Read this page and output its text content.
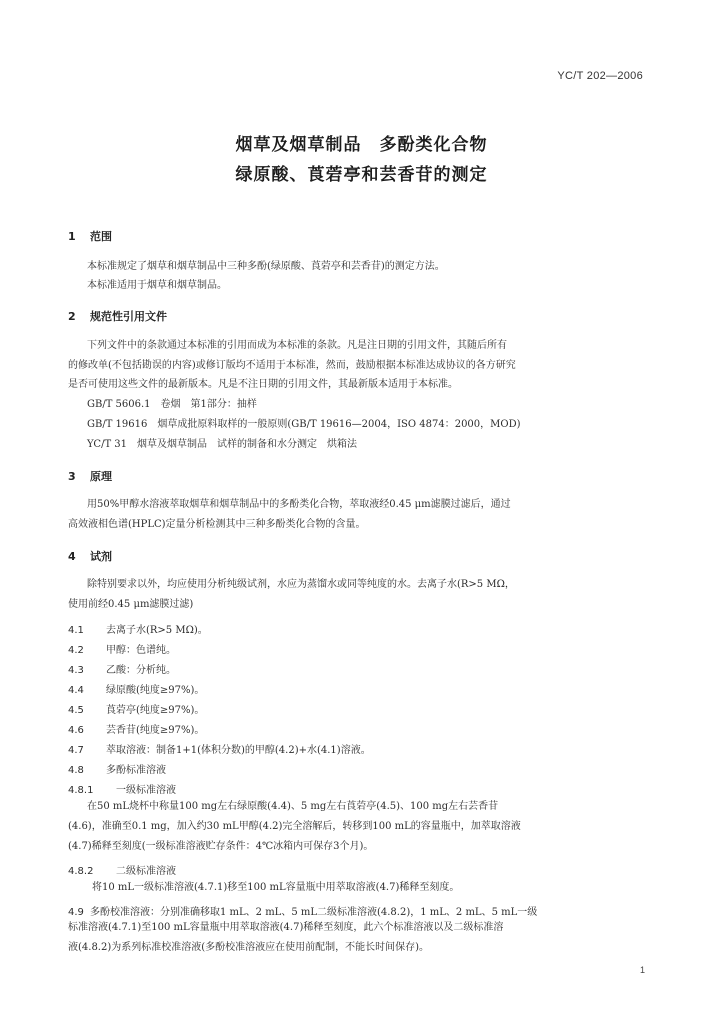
YC/T 202—2006
烟草及烟草制品　多酚类化合物
绿原酸、莨菪亭和芸香苷的测定
1 范围
本标准规定了烟草和烟草制品中三种多酚(绿原酸、莨菪亭和芸香苷)的测定方法。
本标准适用于烟草和烟草制品。
2 规范性引用文件
下列文件中的条款通过本标准的引用而成为本标准的条款。凡是注日期的引用文件，其随后所有
的修改单(不包括勘误的内容)或修订版均不适用于本标准，然而，鼓励根据本标准达成协议的各方研究
是否可使用这些文件的最新版本。凡是不注日期的引用文件，其最新版本适用于本标准。
GB/T 5606.1　卷烟　第1部分：抽样
GB/T 19616　烟草成批原料取样的一般原则(GB/T 19616—2004，ISO 4874：2000，MOD)
YC/T 31　烟草及烟草制品　试样的制备和水分测定　烘箱法
3 原理
用50%甲醇水溶液萃取烟草和烟草制品中的多酚类化合物，萃取液经0.45 μm滤膜过滤后，通过
高效液相色谱(HPLC)定量分析检测其中三种多酚类化合物的含量。
4 试剂
除特别要求以外，均应使用分析纯级试剂，水应为蒸馏水或同等纯度的水。去离子水(R>5 MΩ，
使用前经0.45 μm滤膜过滤)
4.1 去离子水(R>5 MΩ)。
4.2 甲醇：色谱纯。
4.3 乙酸：分析纯。
4.4 绿原酸(纯度≥97%)。
4.5 莨菪亭(纯度≥97%)。
4.6 芸香苷(纯度≥97%)。
4.7 萃取溶液：制备1+1(体积分数)的甲醇(4.2)+水(4.1)溶液。
4.8 多酚标准溶液
4.8.1 一级标准溶液
在50 mL烧杯中称量100 mg左右绿原酸(4.4)、5 mg左右莨菪亭(4.5)、100 mg左右芸香苷
(4.6)，准确至0.1 mg，加入约30 mL甲醇(4.2)完全溶解后，转移到100 mL的容量瓶中，加萃取溶液
(4.7)稀释至刻度(一级标准溶液贮存条件：4℃冰箱内可保存3个月)。
4.8.2 二级标准溶液
将10 mL一级标准溶液(4.7.1)移至100 mL容量瓶中用萃取溶液(4.7)稀释至刻度。
4.9 多酚校准溶液：分别准确移取1 mL、2 mL、5 mL二级标准溶液(4.8.2)，1 mL、2 mL、5 mL一级
标准溶液(4.7.1)至100 mL容量瓶中用萃取溶液(4.7)稀释至刻度，此六个标准溶液以及二级标准溶
液(4.8.2)为系列标准校准溶液(多酚校准溶液应在使用前配制，不能长时间保存)。
1
